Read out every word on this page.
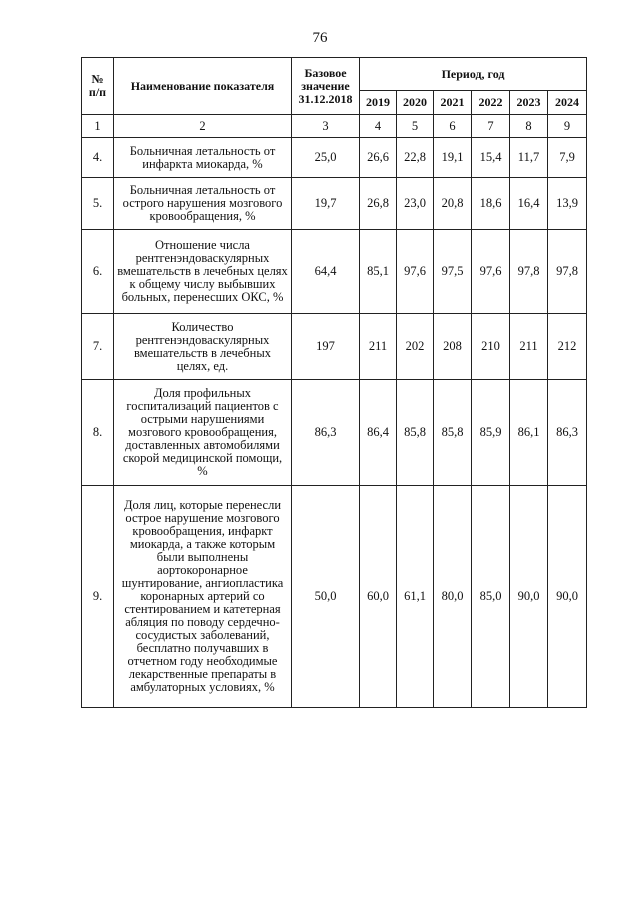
76
№ п/п	Наименование показателя	Базовое значение 31.12.2018	Период, год					
			2019	2020	2021	2022	2023	2024
1	2	3	4	5	6	7	8	9
4.	Больничная летальность от инфаркта миокарда, %	25,0	26,6	22,8	19,1	15,4	11,7	7,9
5.	Больничная летальность от острого нарушения мозгового кровообращения, %	19,7	26,8	23,0	20,8	18,6	16,4	13,9
6.	Отношение числа рентгенэндоваскулярных вмешательств в лечебных целях к общему числу выбывших больных, перенесших ОКС, %	64,4	85,1	97,6	97,5	97,6	97,8	97,8
7.	Количество рентгенэндоваскулярных вмешательств в лечебных целях, ед.	197	211	202	208	210	211	212
8.	Доля профильных госпитализаций пациентов с острыми нарушениями мозгового кровообращения, доставленных автомобилями скорой медицинской помощи, %	86,3	86,4	85,8	85,8	85,9	86,1	86,3
9.	Доля лиц, которые перенесли острое нарушение мозгового кровообращения, инфаркт миокарда, а также которым были выполнены аортокоронарное шунтирование, ангиопластика коронарных артерий со стентированием и катетерная абляция по поводу сердечно-сосудистых заболеваний, бесплатно получавших в отчетном году необходимые лекарственные препараты в амбулаторных условиях, %	50,0	60,0	61,1	80,0	85,0	90,0	90,0
